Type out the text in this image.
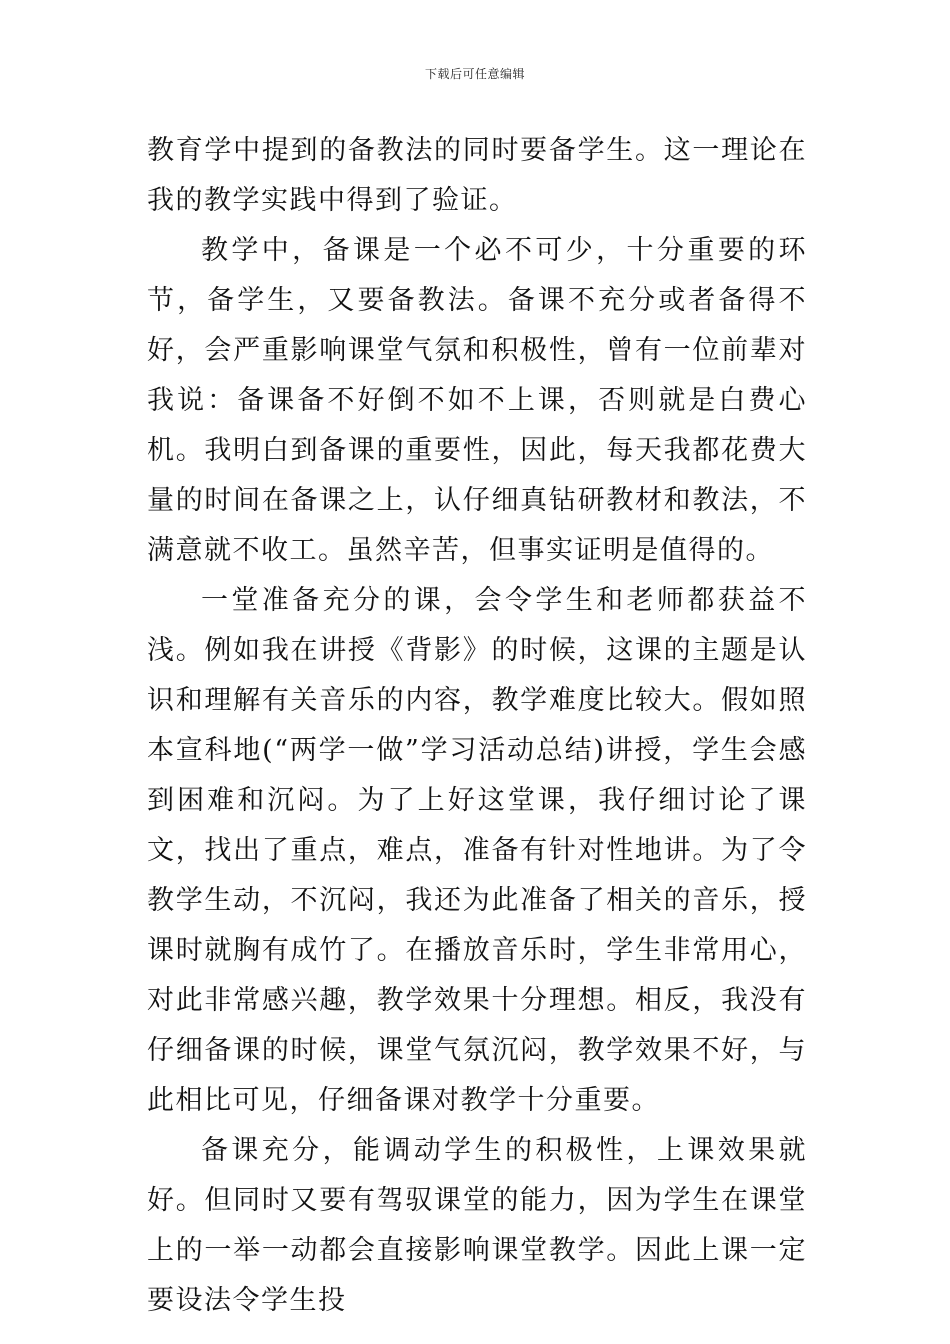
下载后可任意编辑

教育学中提到的备教法的同时要备学生。这一理论在我的教学实践中得到了验证。

教学中，备课是一个必不可少，十分重要的环节，备学生，又要备教法。备课不充分或者备得不好，会严重影响课堂气氛和积极性，曾有一位前辈对我说：备课备不好倒不如不上课，否则就是白费心机。我明白到备课的重要性，因此，每天我都花费大量的时间在备课之上，认仔细真钻研教材和教法，不满意就不收工。虽然辛苦，但事实证明是值得的。

一堂准备充分的课，会令学生和老师都获益不浅。例如我在讲授《背影》的时候，这课的主题是认识和理解有关音乐的内容，教学难度比较大。假如照本宣科地(“两学一做”学习活动总结)讲授，学生会感到困难和沉闷。为了上好这堂课，我仔细讨论了课文，找出了重点，难点，准备有针对性地讲。为了令教学生动，不沉闷，我还为此准备了相关的音乐，授课时就胸有成竹了。在播放音乐时，学生非常用心，对此非常感兴趣，教学效果十分理想。相反，我没有仔细备课的时候，课堂气氛沉闷，教学效果不好，与此相比可见，仔细备课对教学十分重要。

备课充分，能调动学生的积极性，上课效果就好。但同时又要有驾驭课堂的能力，因为学生在课堂上的一举一动都会直接影响课堂教学。因此上课一定要设法令学生投
